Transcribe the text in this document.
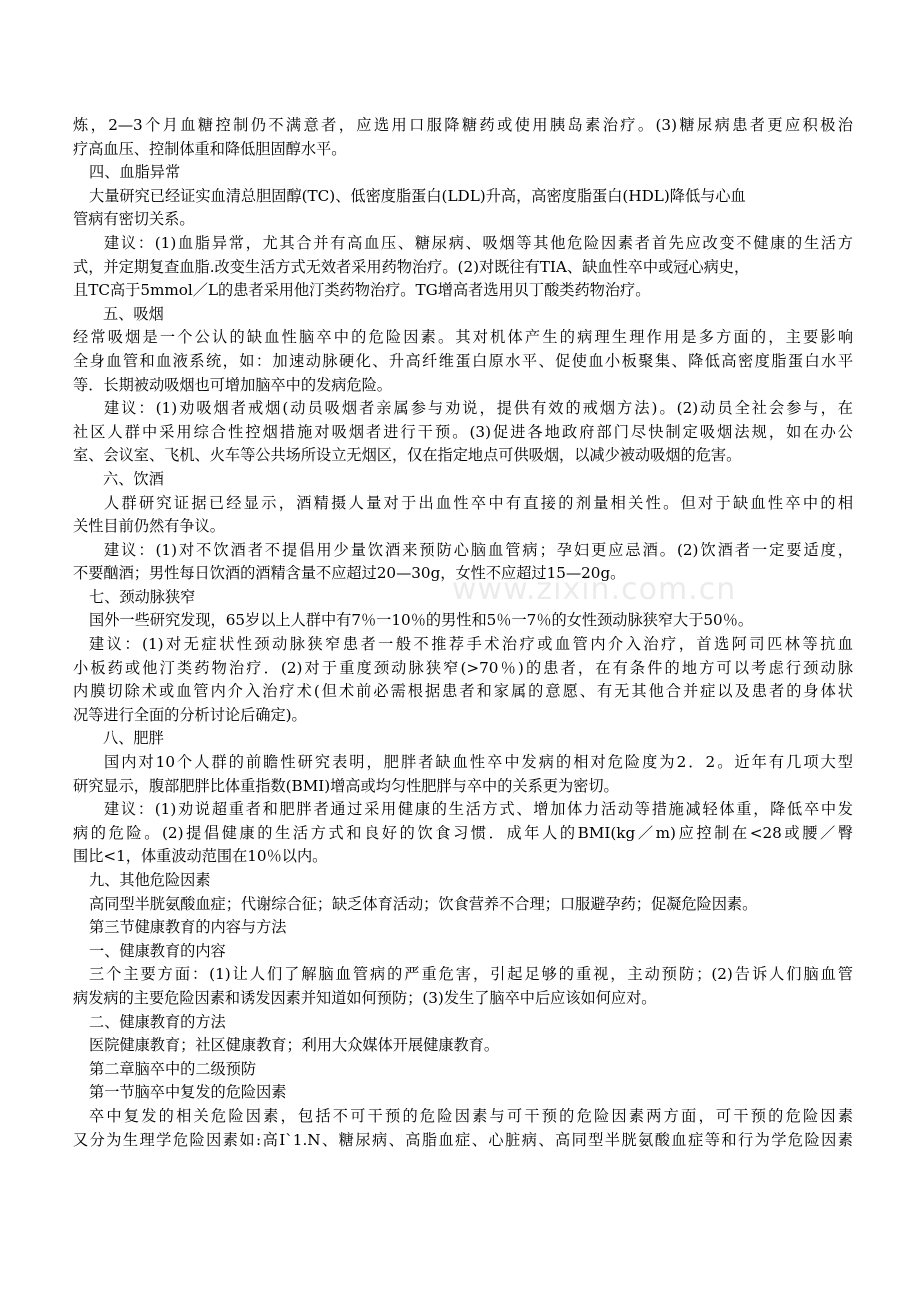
www.zixin.com.cn
炼，2—3个月血糖控制仍不满意者，应选用口服降糖药或使用胰岛素治疗。(3)糖尿病患者更应积极治
疗高血压、控制体重和降低胆固醇水平。
四、血脂异常
大量研究已经证实血清总胆固醇(TC)、低密度脂蛋白(LDL)升高，高密度脂蛋白(HDL)降低与心血
管病有密切关系。
建议：(1)血脂异常，尤其合并有高血压、糖尿病、吸烟等其他危险因素者首先应改变不健康的生活方
式，并定期复查血脂.改变生活方式无效者采用药物治疗。(2)对既往有TIA、缺血性卒中或冠心病史，
且TC高于5mmol／L的患者采用他汀类药物治疗。TG增高者选用贝丁酸类药物治疗。
五、吸烟
经常吸烟是一个公认的缺血性脑卒中的危险因素。其对机体产生的病理生理作用是多方面的，主要影响
全身血管和血液系统，如：加速动脉硬化、升高纤维蛋白原水平、促使血小板聚集、降低高密度脂蛋白水平
等．长期被动吸烟也可增加脑卒中的发病危险。
建议：(1)劝吸烟者戒烟(动员吸烟者亲属参与劝说，提供有效的戒烟方法)。(2)动员全社会参与，在
社区人群中采用综合性控烟措施对吸烟者进行干预。(3)促进各地政府部门尽快制定吸烟法规，如在办公
室、会议室、飞机、火车等公共场所设立无烟区，仅在指定地点可供吸烟，以减少被动吸烟的危害。
六、饮酒
人群研究证据已经显示，酒精摄人量对于出血性卒中有直接的剂量相关性。但对于缺血性卒中的相
关性目前仍然有争议。
建议：(1)对不饮酒者不提倡用少量饮酒来预防心脑血管病；孕妇更应忌酒。(2)饮酒者一定要适度，
不要酗酒；男性每日饮酒的酒精含量不应超过20—30g，女性不应超过15—20g。
七、颈动脉狭窄
国外一些研究发现，65岁以上人群中有7％一10％的男性和5％一7％的女性颈动脉狭窄大于50％。
建议：(1)对无症状性颈动脉狭窄患者一般不推荐手术治疗或血管内介入治疗，首选阿司匹林等抗血
小板药或他汀类药物治疗．(2)对于重度颈动脉狭窄(>70％)的患者，在有条件的地方可以考虑行颈动脉
内膜切除术或血管内介入治疗术(但术前必需根据患者和家属的意愿、有无其他合并症以及患者的身体状
况等进行全面的分析讨论后确定)。
八、肥胖
国内对10个人群的前瞻性研究表明，肥胖者缺血性卒中发病的相对危险度为2．2。近年有几项大型
研究显示，腹部肥胖比体重指数(BMI)增高或均匀性肥胖与卒中的关系更为密切。
建议：(1)劝说超重者和肥胖者通过采用健康的生活方式、增加体力活动等措施减轻体重，降低卒中发
病的危险。(2)提倡健康的生活方式和良好的饮食习惯．成年人的BMI(kg／m)应控制在<28或腰／臀
围比<1，体重波动范围在10％以内。
九、其他危险因素
高同型半胱氨酸血症；代谢综合征；缺乏体育活动；饮食营养不合理；口服避孕药；促凝危险因素。
第三节健康教育的内容与方法
一、健康教育的内容
三个主要方面：(1)让人们了解脑血管病的严重危害，引起足够的重视，主动预防；(2)告诉人们脑血管
病发病的主要危险因素和诱发因素并知道如何预防；(3)发生了脑卒中后应该如何应对。
二、健康教育的方法
医院健康教育；社区健康教育；利用大众媒体开展健康教育。
第二章脑卒中的二级预防
第一节脑卒中复发的危险因素
卒中复发的相关危险因素，包括不可干预的危险因素与可干预的危险因素两方面，可干预的危险因素
又分为生理学危险因素如:高I`1.N、糖尿病、高脂血症、心脏病、高同型半胱氨酸血症等和行为学危险因素
